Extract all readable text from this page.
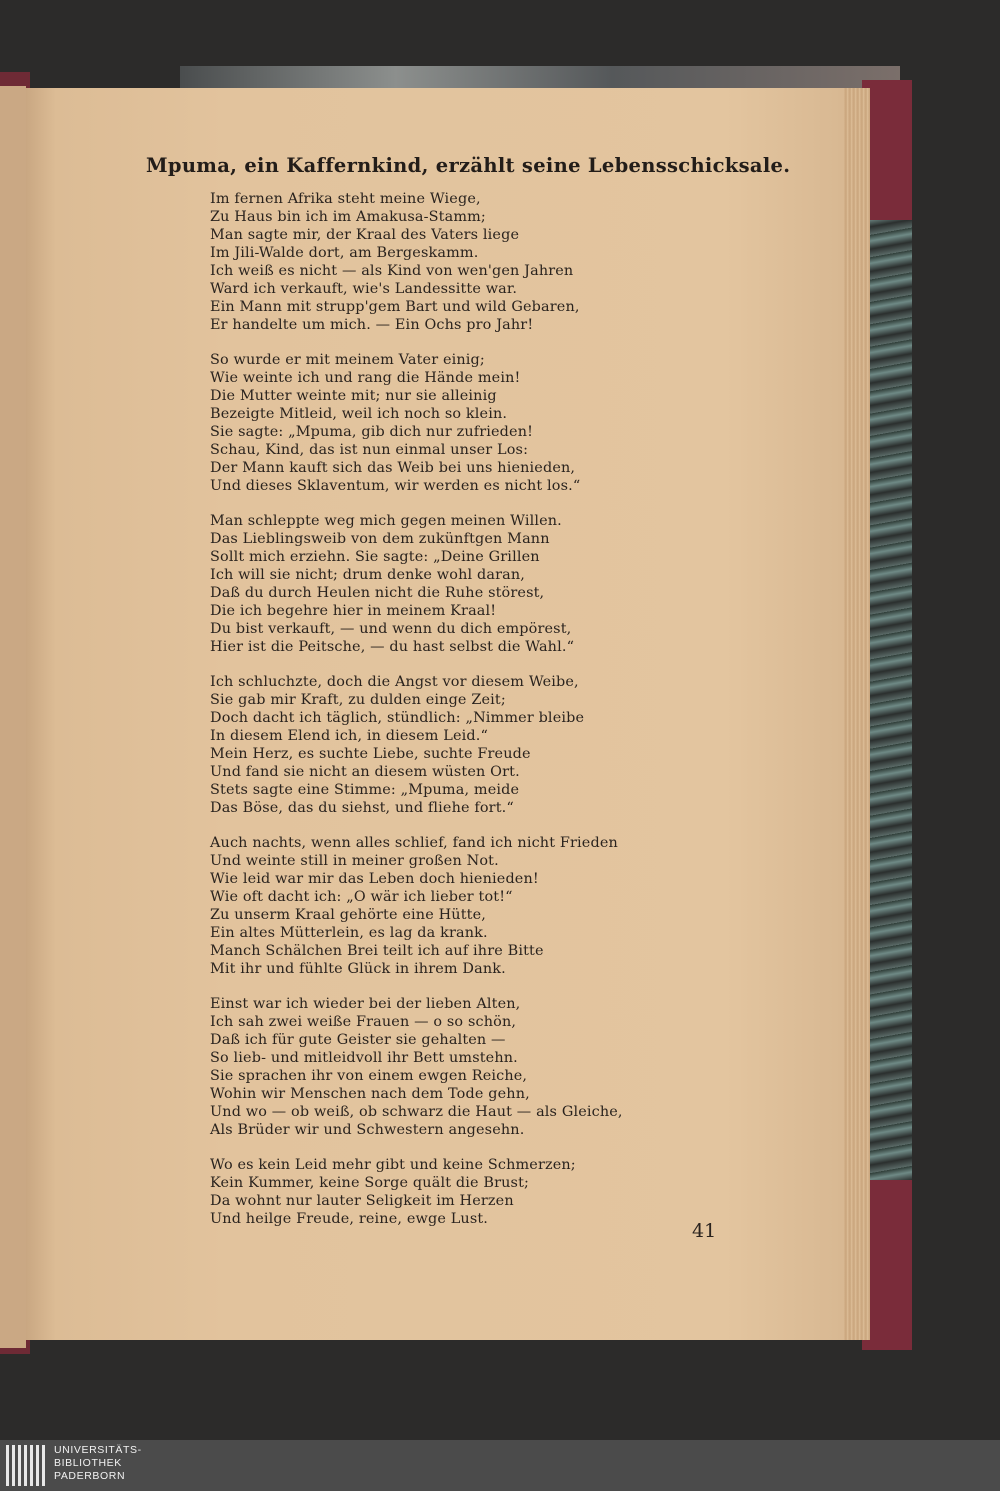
Mpuma, ein Kaffernkind, erzählt seine Lebensschicksale.
Im fernen Afrika steht meine Wiege,
Zu Haus bin ich im Amakusa-Stamm;
Man sagte mir, der Kraal des Vaters liege
Im Jili-Walde dort, am Bergeskamm.
Ich weiß es nicht — als Kind von wen'gen Jahren
Ward ich verkauft, wie's Landessitte war.
Ein Mann mit strupp'gem Bart und wild Gebaren,
Er handelte um mich. — Ein Ochs pro Jahr!
So wurde er mit meinem Vater einig;
Wie weinte ich und rang die Hände mein!
Die Mutter weinte mit; nur sie alleinig
Bezeigte Mitleid, weil ich noch so klein.
Sie sagte: „Mpuma, gib dich nur zufrieden!
Schau, Kind, das ist nun einmal unser Los:
Der Mann kauft sich das Weib bei uns hienieden,
Und dieses Sklaventum, wir werden es nicht los.“
Man schleppte weg mich gegen meinen Willen.
Das Lieblingsweib von dem zukünftgen Mann
Sollt mich erziehn. Sie sagte: „Deine Grillen
Ich will sie nicht; drum denke wohl daran,
Daß du durch Heulen nicht die Ruhe störest,
Die ich begehre hier in meinem Kraal!
Du bist verkauft, — und wenn du dich empörest,
Hier ist die Peitsche, — du hast selbst die Wahl.“
Ich schluchzte, doch die Angst vor diesem Weibe,
Sie gab mir Kraft, zu dulden einge Zeit;
Doch dacht ich täglich, stündlich: „Nimmer bleibe
In diesem Elend ich, in diesem Leid.“
Mein Herz, es suchte Liebe, suchte Freude
Und fand sie nicht an diesem wüsten Ort.
Stets sagte eine Stimme: „Mpuma, meide
Das Böse, das du siehst, und fliehe fort.“
Auch nachts, wenn alles schlief, fand ich nicht Frieden
Und weinte still in meiner großen Not.
Wie leid war mir das Leben doch hienieden!
Wie oft dacht ich: „O wär ich lieber tot!“
Zu unserm Kraal gehörte eine Hütte,
Ein altes Mütterlein, es lag da krank.
Manch Schälchen Brei teilt ich auf ihre Bitte
Mit ihr und fühlte Glück in ihrem Dank.
Einst war ich wieder bei der lieben Alten,
Ich sah zwei weiße Frauen — o so schön,
Daß ich für gute Geister sie gehalten —
So lieb- und mitleidvoll ihr Bett umstehn.
Sie sprachen ihr von einem ewgen Reiche,
Wohin wir Menschen nach dem Tode gehn,
Und wo — ob weiß, ob schwarz die Haut — als Gleiche,
Als Brüder wir und Schwestern angesehn.
Wo es kein Leid mehr gibt und keine Schmerzen;
Kein Kummer, keine Sorge quält die Brust;
Da wohnt nur lauter Seligkeit im Herzen
Und heilge Freude, reine, ewge Lust.
41
UNIVERSITÄTS-
BIBLIOTHEK
PADERBORN
